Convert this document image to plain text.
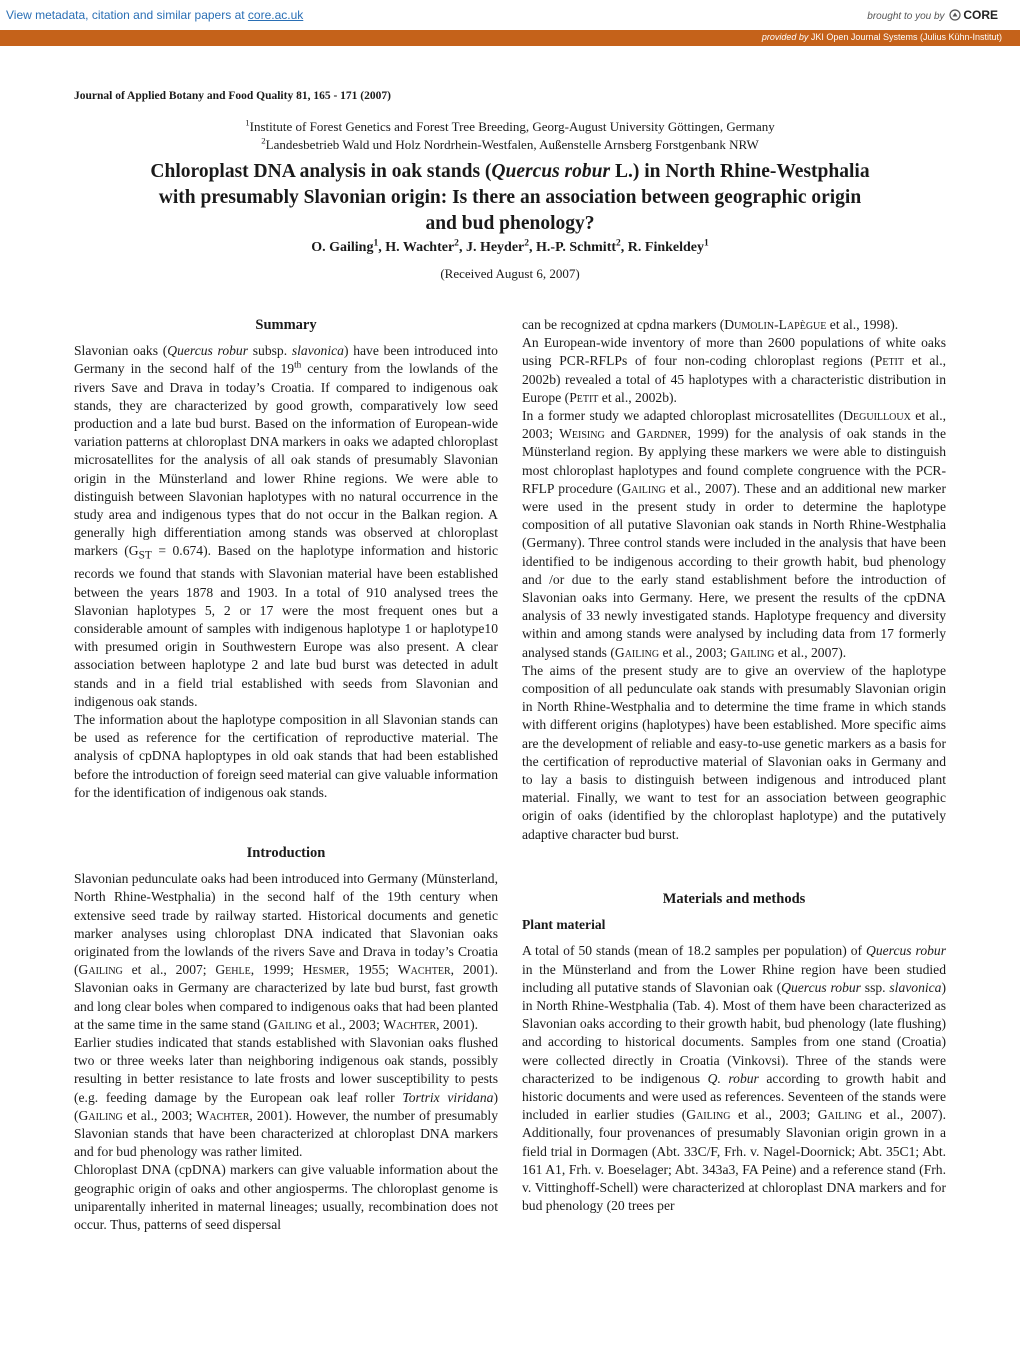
View metadata, citation and similar papers at core.ac.uk	brought to you by CORE
provided by JKI Open Journal Systems (Julius Kühn-Institut)
Journal of Applied Botany and Food Quality 81, 165 - 171 (2007)
$^1$Institute of Forest Genetics and Forest Tree Breeding, Georg-August University Göttingen, Germany
$^2$Landesbetrieb Wald und Holz Nordrhein-Westfalen, Außenstelle Arnsberg Forstgenbank NRW
Chloroplast DNA analysis in oak stands (Quercus robur L.) in North Rhine-Westphalia
with presumably Slavonian origin: Is there an association between geographic origin
and bud phenology?
O. Gailing$^1$, H. Wachter$^2$, J. Heyder$^2$, H.-P. Schmitt$^2$, R. Finkeldey$^1$
(Received August 6, 2007)
Summary

Slavonian oaks (Quercus robur subsp. slavonica) have been introduced into Germany in the second half of the 19th century from the lowlands of the rivers Save and Drava in today’s Croatia. If compared to indigenous oak stands, they are characterized by good growth, comparatively low seed production and a late bud burst. Based on the information of European-wide variation patterns at chloroplast DNA markers in oaks we adapted chloroplast microsatellites for the analysis of all oak stands of presumably Slavonian origin in the Münsterland and lower Rhine regions. We were able to distinguish between Slavonian haplotypes with no natural occurrence in the study area and indigenous types that do not occur in the Balkan region. A generally high differentiation among stands was observed at chloroplast markers $(G_{ST} = 0.674)$. Based on the haplotype information and historic records we found that stands with Slavonian material have been established between the years 1878 and 1903. In a total of 910 analysed trees the Slavonian haplotypes 5, 2 or 17 were the most frequent ones but a considerable amount of samples with indigenous haplotype 1 or haplotype10 with presumed origin in Southwestern Europe was also present. A clear association between haplotype 2 and late bud burst was detected in adult stands and in a field trial established with seeds from Slavonian and indigenous oak stands.

The information about the haplotype composition in all Slavonian stands can be used as reference for the certification of reproductive material. The analysis of cpDNA haploptypes in old oak stands that had been established before the introduction of foreign seed material can give valuable information for the identification of indigenous oak stands.

Introduction

Slavonian pedunculate oaks had been introduced into Germany (Münsterland, North Rhine-Westphalia) in the second half of the 19th century when extensive seed trade by railway started. Historical documents and genetic marker analyses using chloroplast DNA indicated that Slavonian oaks originated from the lowlands of the rivers Save and Drava in today’s Croatia (Gailing et al., 2007; Gehle, 1999; Hesmer, 1955; Wachter, 2001). Slavonian oaks in Germany are characterized by late bud burst, fast growth and long clear boles when compared to indigenous oaks that had been planted at the same time in the same stand (Gailing et al., 2003; Wachter, 2001).

Earlier studies indicated that stands established with Slavonian oaks flushed two or three weeks later than neighboring indigenous oak stands, possibly resulting in better resistance to late frosts and lower susceptibility to pests (e.g. feeding damage by the European oak leaf roller Tortrix viridana) (Gailing et al., 2003; Wachter, 2001). However, the number of presumably Slavonian stands that have been characterized at chloroplast DNA markers and for bud phenology was rather limited.

Chloroplast DNA (cpDNA) markers can give valuable information about the geographic origin of oaks and other angiosperms. The chloroplast genome is uniparentally inherited in maternal lineages; usually, recombination does not occur. Thus, patterns of seed dispersal

can be recognized at cpdna markers (Dumolin-Lapègue et al., 1998).

An European-wide inventory of more than 2600 populations of white oaks using PCR-RFLPs of four non-coding chloroplast regions (Petit et al., 2002b) revealed a total of 45 haplotypes with a characteristic distribution in Europe (Petit et al., 2002b).

In a former study we adapted chloroplast microsatellites (Deguilloux et al., 2003; Weising and Gardner, 1999) for the analysis of oak stands in the Münsterland region. By applying these markers we were able to distinguish most chloroplast haplotypes and found complete congruence with the PCR-RFLP procedure (Gailing et al., 2007). These and an additional new marker were used in the present study in order to determine the haplotype composition of all putative Slavonian oak stands in North Rhine-Westphalia (Germany). Three control stands were included in the analysis that have been identified to be indigenous according to their growth habit, bud phenology and /or due to the early stand establishment before the introduction of Slavonian oaks into Germany. Here, we present the results of the cpDNA analysis of 33 newly investigated stands. Haplotype frequency and diversity within and among stands were analysed by including data from 17 formerly analysed stands (Gailing et al., 2003; Gailing et al., 2007).

The aims of the present study are to give an overview of the haplotype composition of all pedunculate oak stands with presumably Slavonian origin in North Rhine-Westphalia and to determine the time frame in which stands with different origins (haplotypes) have been established. More specific aims are the development of reliable and easy-to-use genetic markers as a basis for the certification of reproductive material of Slavonian oaks in Germany and to lay a basis to distinguish between indigenous and introduced plant material. Finally, we want to test for an association between geographic origin of oaks (identified by the chloroplast haplotype) and the putatively adaptive character bud burst.

Materials and methods
Plant material

A total of 50 stands (mean of 18.2 samples per population) of Quercus robur in the Münsterland and from the Lower Rhine region have been studied including all putative stands of Slavonian oak (Quercus robur ssp. slavonica) in North Rhine-Westphalia (Tab. 4). Most of them have been characterized as Slavonian oaks according to their growth habit, bud phenology (late flushing) and according to historical documents. Samples from one stand (Croatia) were collected directly in Croatia (Vinkovsi). Three of the stands were characterized to be indigenous Q. robur according to growth habit and historic documents and were used as references. Seventeen of the stands were included in earlier studies (Gailing et al., 2003; Gailing et al., 2007). Additionally, four provenances of presumably Slavonian origin grown in a field trial in Dormagen (Abt. 33C/F, Frh. v. Nagel-Doornick; Abt. 35C1; Abt. 161 A1, Frh. v. Boeselager; Abt. 343a3, FA Peine) and a reference stand (Frh. v. Vittinghoff-Schell) were characterized at chloroplast DNA markers and for bud phenology (20 trees per
